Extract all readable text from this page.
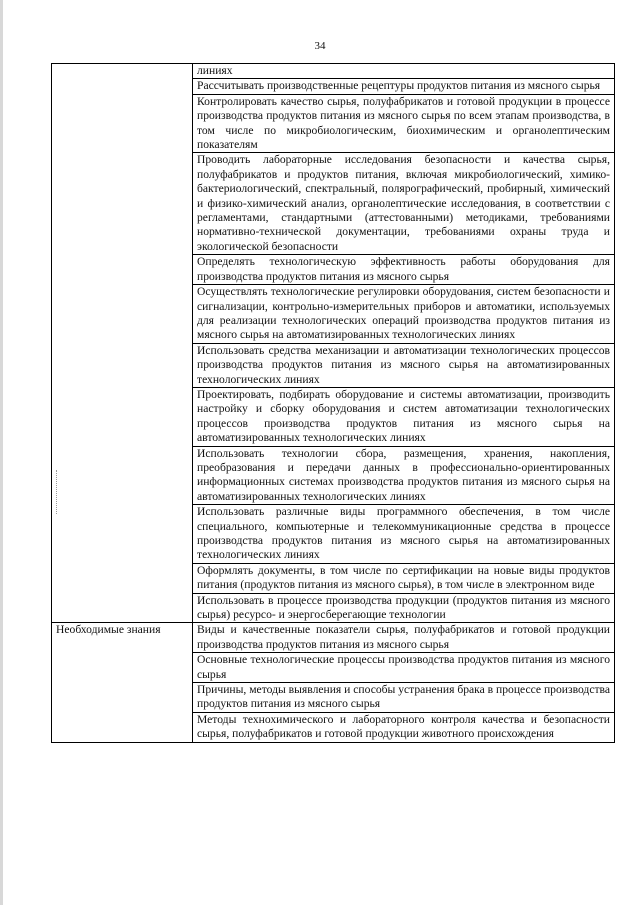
34
	линиях
	Рассчитывать производственные рецептуры продуктов питания из мясного сырья
	Контролировать качество сырья, полуфабрикатов и готовой продукции в процессе производства продуктов питания из мясного сырья по всем этапам производства, в том числе по микробиологическим, биохимическим и органолептическим показателям
	Проводить лабораторные исследования безопасности и качества сырья, полуфабрикатов и продуктов питания, включая микробиологический, химико-бактериологический, спектральный, полярографический, пробирный, химический и физико-химический анализ, органолептические исследования, в соответствии с регламентами, стандартными (аттестованными) методиками, требованиями нормативно-технической документации, требованиями охраны труда и экологической безопасности
	Определять технологическую эффективность работы оборудования для производства продуктов питания из мясного сырья
	Осуществлять технологические регулировки оборудования, систем безопасности и сигнализации, контрольно-измерительных приборов и автоматики, используемых для реализации технологических операций производства продуктов питания из мясного сырья на автоматизированных технологических линиях
	Использовать средства механизации и автоматизации технологических процессов производства продуктов питания из мясного сырья на автоматизированных технологических линиях
	Проектировать, подбирать оборудование и системы автоматизации, производить настройку и сборку оборудования и систем автоматизации технологических процессов производства продуктов питания из мясного сырья на автоматизированных технологических линиях
	Использовать технологии сбора, размещения, хранения, накопления, преобразования и передачи данных в профессионально-ориентированных информационных системах производства продуктов питания из мясного сырья на автоматизированных технологических линиях
	Использовать различные виды программного обеспечения, в том числе специального, компьютерные и телекоммуникационные средства в процессе производства продуктов питания из мясного сырья на автоматизированных технологических линиях
	Оформлять документы, в том числе по сертификации на новые виды продуктов питания (продуктов питания из мясного сырья), в том числе в электронном виде
	Использовать в процессе производства продукции (продуктов питания из мясного сырья) ресурсо- и энергосберегающие технологии
Необходимые знания	Виды и качественные показатели сырья, полуфабрикатов и готовой продукции производства продуктов питания из мясного сырья
	Основные технологические процессы производства продуктов питания из мясного сырья
	Причины, методы выявления и способы устранения брака в процессе производства продуктов питания из мясного сырья
	Методы технохимического и лабораторного контроля качества и безопасности сырья, полуфабрикатов и готовой продукции животного происхождения
